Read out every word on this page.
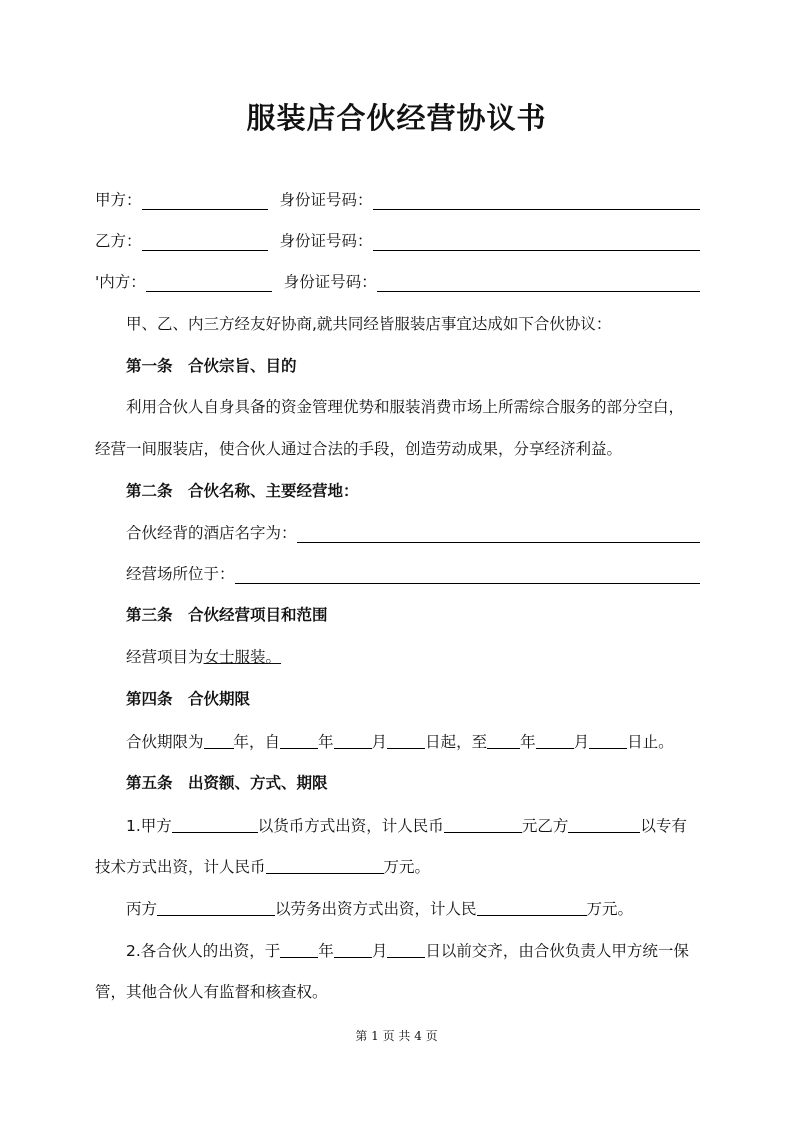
服装店合伙经营协议书
甲方：	身份证号码：
乙方：	身份证号码：
'内方：	身份证号码：
甲、乙、内三方经友好协商,就共同经皆服装店事宜达成如下合伙协议：
第一条　合伙宗旨、目的
利用合伙人自身具备的资金管理优势和服装消费市场上所需综合服务的部分空白，
经营一间服装店，使合伙人通过合法的手段，创造劳动成果，分享经济利益。
第二条　合伙名称、主要经营地：
合伙经背的酒店名字为：
经营场所位于：
第三条　合伙经营项目和范围
经营项目为女士服装。
第四条　合伙期限
合伙期限为 年，自 年 月 日起，至 年 月 日止。
第五条　出资额、方式、期限
1.甲方	以货币方式出资，计人民币	元乙方	以专有
技术方式出资，计人民币	万元。
丙方	以劳务出资方式出资，计人民	万元。
2.各合伙人的出资，于 年 月 日以前交齐，由合伙负责人甲方统一保
管，其他合伙人有监督和核查权。
第 1 页 共 4 页
